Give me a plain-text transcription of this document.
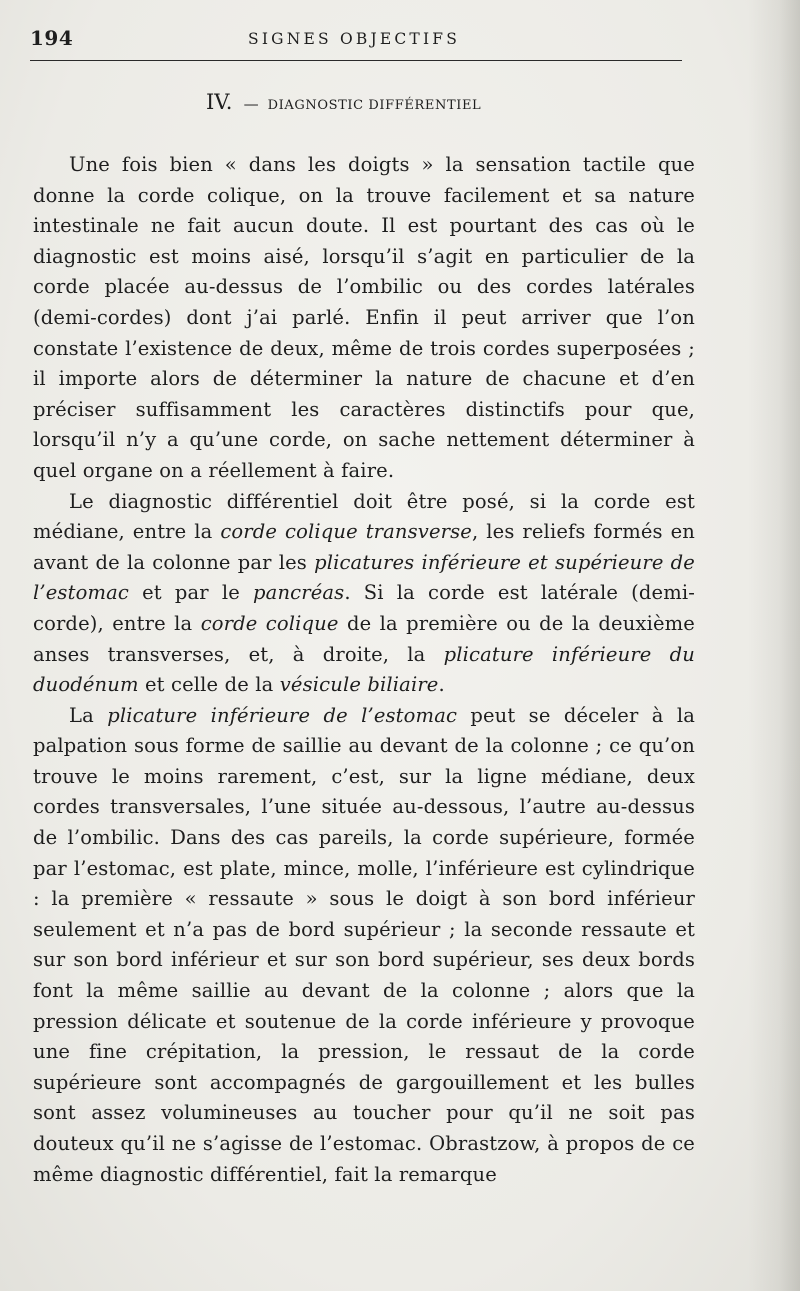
194	SIGNES OBJECTIFS
IV. — DIAGNOSTIC DIFFÉRENTIEL

Une fois bien « dans les doigts » la sensation tactile que donne la corde colique, on la trouve facilement et sa nature intestinale ne fait aucun doute. Il est pourtant des cas où le diagnostic est moins aisé, lorsqu’il s’agit en particulier de la corde placée au-dessus de l’ombilic ou des cordes latérales (demi-cordes) dont j’ai parlé. Enfin il peut arriver que l’on constate l’existence de deux, même de trois cordes superposées ; il importe alors de déterminer la nature de chacune et d’en préciser suffisamment les caractères distinctifs pour que, lorsqu’il n’y a qu’une corde, on sache nettement déterminer à quel organe on a réellement à faire.

Le diagnostic différentiel doit être posé, si la corde est médiane, entre la corde colique transverse, les reliefs formés en avant de la colonne par les plicatures inférieure et supérieure de l’estomac et par le pancréas. Si la corde est latérale (demi-corde), entre la corde colique de la première ou de la deuxième anses transverses, et, à droite, la plicature inférieure du duodénum et celle de la vésicule biliaire.

La plicature inférieure de l’estomac peut se déceler à la palpation sous forme de saillie au devant de la colonne ; ce qu’on trouve le moins rarement, c’est, sur la ligne médiane, deux cordes transversales, l’une située au-dessous, l’autre au-dessus de l’ombilic. Dans des cas pareils, la corde supérieure, formée par l’estomac, est plate, mince, molle, l’inférieure est cylindrique : la première « ressaute » sous le doigt à son bord inférieur seulement et n’a pas de bord supérieur ; la seconde ressaute et sur son bord inférieur et sur son bord supérieur, ses deux bords font la même saillie au devant de la colonne ; alors que la pression délicate et soutenue de la corde inférieure y provoque une fine crépitation, la pression, le ressaut de la corde supérieure sont accompagnés de gargouillement et les bulles sont assez volumineuses au toucher pour qu’il ne soit pas douteux qu’il ne s’agisse de l’estomac. Obrastzow, à propos de ce même diagnostic différentiel, fait la remarque
